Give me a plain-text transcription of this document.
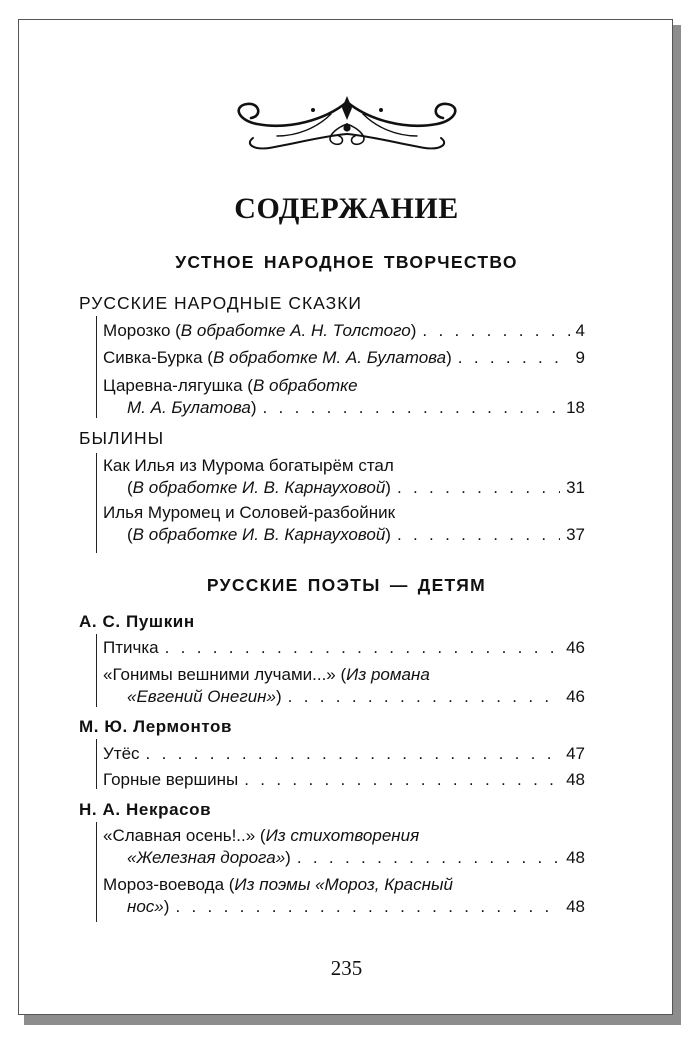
СОДЕРЖАНИЕ
УСТНОЕ НАРОДНОЕ ТВОРЧЕСТВО
РУССКИЕ НАРОДНЫЕ СКАЗКИ
Морозко (В обработке А. Н. Толстого) . . .	4
Сивка-Бурка (В обработке М. А. Булатова) . . .	9
Царевна-лягушка (В обработке
М. А. Булатова) . . .	18
БЫЛИНЫ
Как Илья из Мурома богатырём стал
(В обработке И. В. Карнауховой) . . .	31
Илья Муромец и Соловей-разбойник
(В обработке И. В. Карнауховой) . . .	37
РУССКИЕ ПОЭТЫ — ДЕТЯМ
А. С. Пушкин
Птичка . . .	46
«Гонимы вешними лучами...» (Из романа
«Евгений Онегин») . . .	46
М. Ю. Лермонтов
Утёс . . .	47
Горные вершины . . .	48
Н. А. Некрасов
«Славная осень!..» (Из стихотворения
«Железная дорога») . . .	48
Мороз-воевода (Из поэмы «Мороз, Красный
нос») . . .	48
235
